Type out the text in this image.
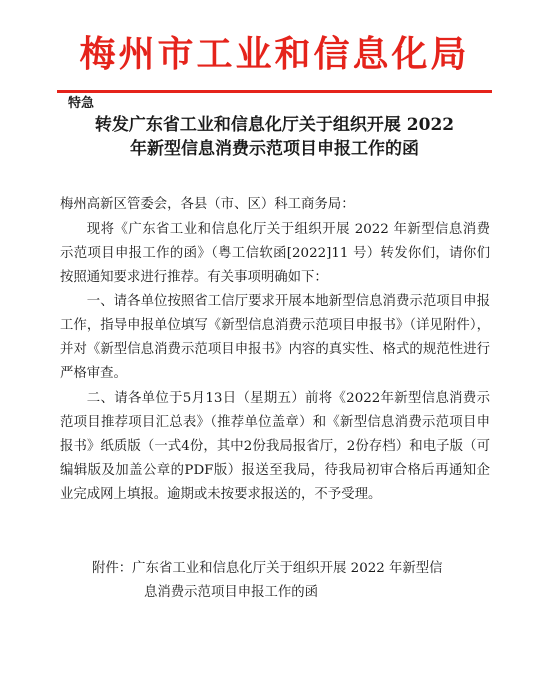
梅州市工业和信息化局
特急
转发广东省工业和信息化厅关于组织开展 2022
年新型信息消费示范项目申报工作的函
梅州高新区管委会，各县（市、区）科工商务局：

现将《广东省工业和信息化厅关于组织开展 2022 年新型信息消费示范项目申报工作的函》（粤工信软函[2022]11 号）转发你们，请你们按照通知要求进行推荐。有关事项明确如下：

一、请各单位按照省工信厅要求开展本地新型信息消费示范项目申报工作，指导申报单位填写《新型信息消费示范项目申报书》（详见附件），并对《新型信息消费示范项目申报书》内容的真实性、格式的规范性进行严格审查。

二、请各单位于5月13日（星期五）前将《2022年新型信息消费示范项目推荐项目汇总表》（推荐单位盖章）和《新型信息消费示范项目申报书》纸质版（一式4份，其中2份我局报省厅，2份存档）和电子版（可编辑版及加盖公章的PDF版）报送至我局，待我局初审合格后再通知企业完成网上填报。逾期或未按要求报送的，不予受理。

附件：广东省工业和信息化厅关于组织开展 2022 年新型信
息消费示范项目申报工作的函
